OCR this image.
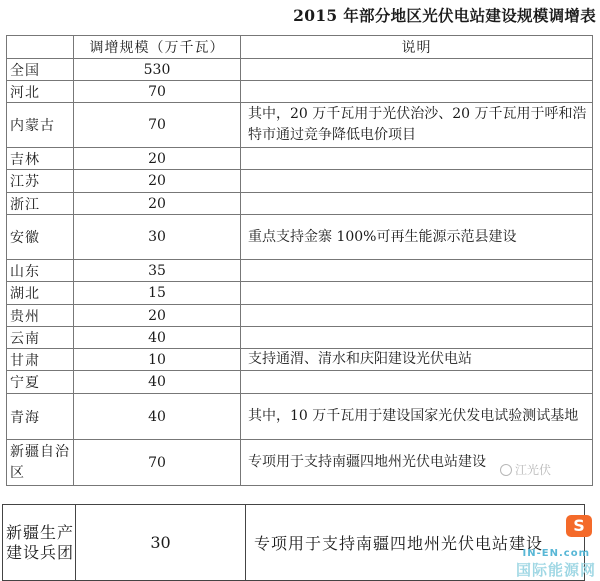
2015 年部分地区光伏电站建设规模调增表
	调增规模（万千瓦）	说明
全国	530	
河北	70	
内蒙古	70	其中，20 万千瓦用于光伏治沙、20 万千瓦用于呼和浩特市通过竞争降低电价项目
吉林	20	
江苏	20	
浙江	20	
安徽	30	重点支持金寨 100%可再生能源示范县建设
山东	35	
湖北	15	
贵州	20	
云南	40	
甘肃	10	支持通渭、清水和庆阳建设光伏电站
宁夏	40	
青海	40	其中，10 万千瓦用于建设国家光伏发电试验测试基地
新疆自治区	70	专项用于支持南疆四地州光伏电站建设
新疆生产建设兵团	30	专项用于支持南疆四地州光伏电站建设
江光伏
S
IN-EN.com
国际能源网
